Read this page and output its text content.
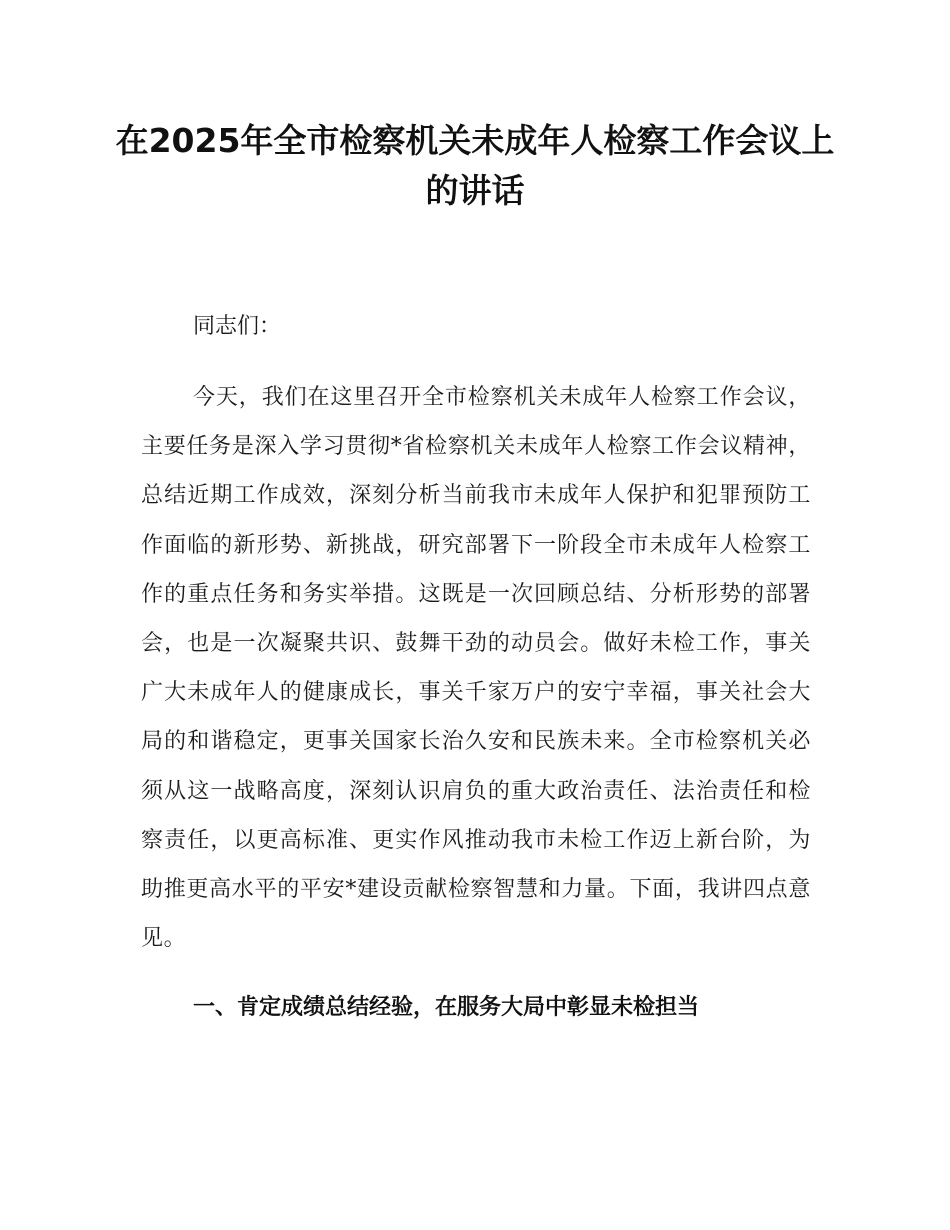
在2025年全市检察机关未成年人检察工作会议上的讲话

同志们：

今天，我们在这里召开全市检察机关未成年人检察工作会议，主要任务是深入学习贯彻*省检察机关未成年人检察工作会议精神，总结近期工作成效，深刻分析当前我市未成年人保护和犯罪预防工作面临的新形势、新挑战，研究部署下一阶段全市未成年人检察工作的重点任务和务实举措。这既是一次回顾总结、分析形势的部署会，也是一次凝聚共识、鼓舞干劲的动员会。做好未检工作，事关广大未成年人的健康成长，事关千家万户的安宁幸福，事关社会大局的和谐稳定，更事关国家长治久安和民族未来。全市检察机关必须从这一战略高度，深刻认识肩负的重大政治责任、法治责任和检察责任，以更高标准、更实作风推动我市未检工作迈上新台阶，为助推更高水平的平安*建设贡献检察智慧和力量。下面，我讲四点意见。

一、肯定成绩总结经验，在服务大局中彰显未检担当
